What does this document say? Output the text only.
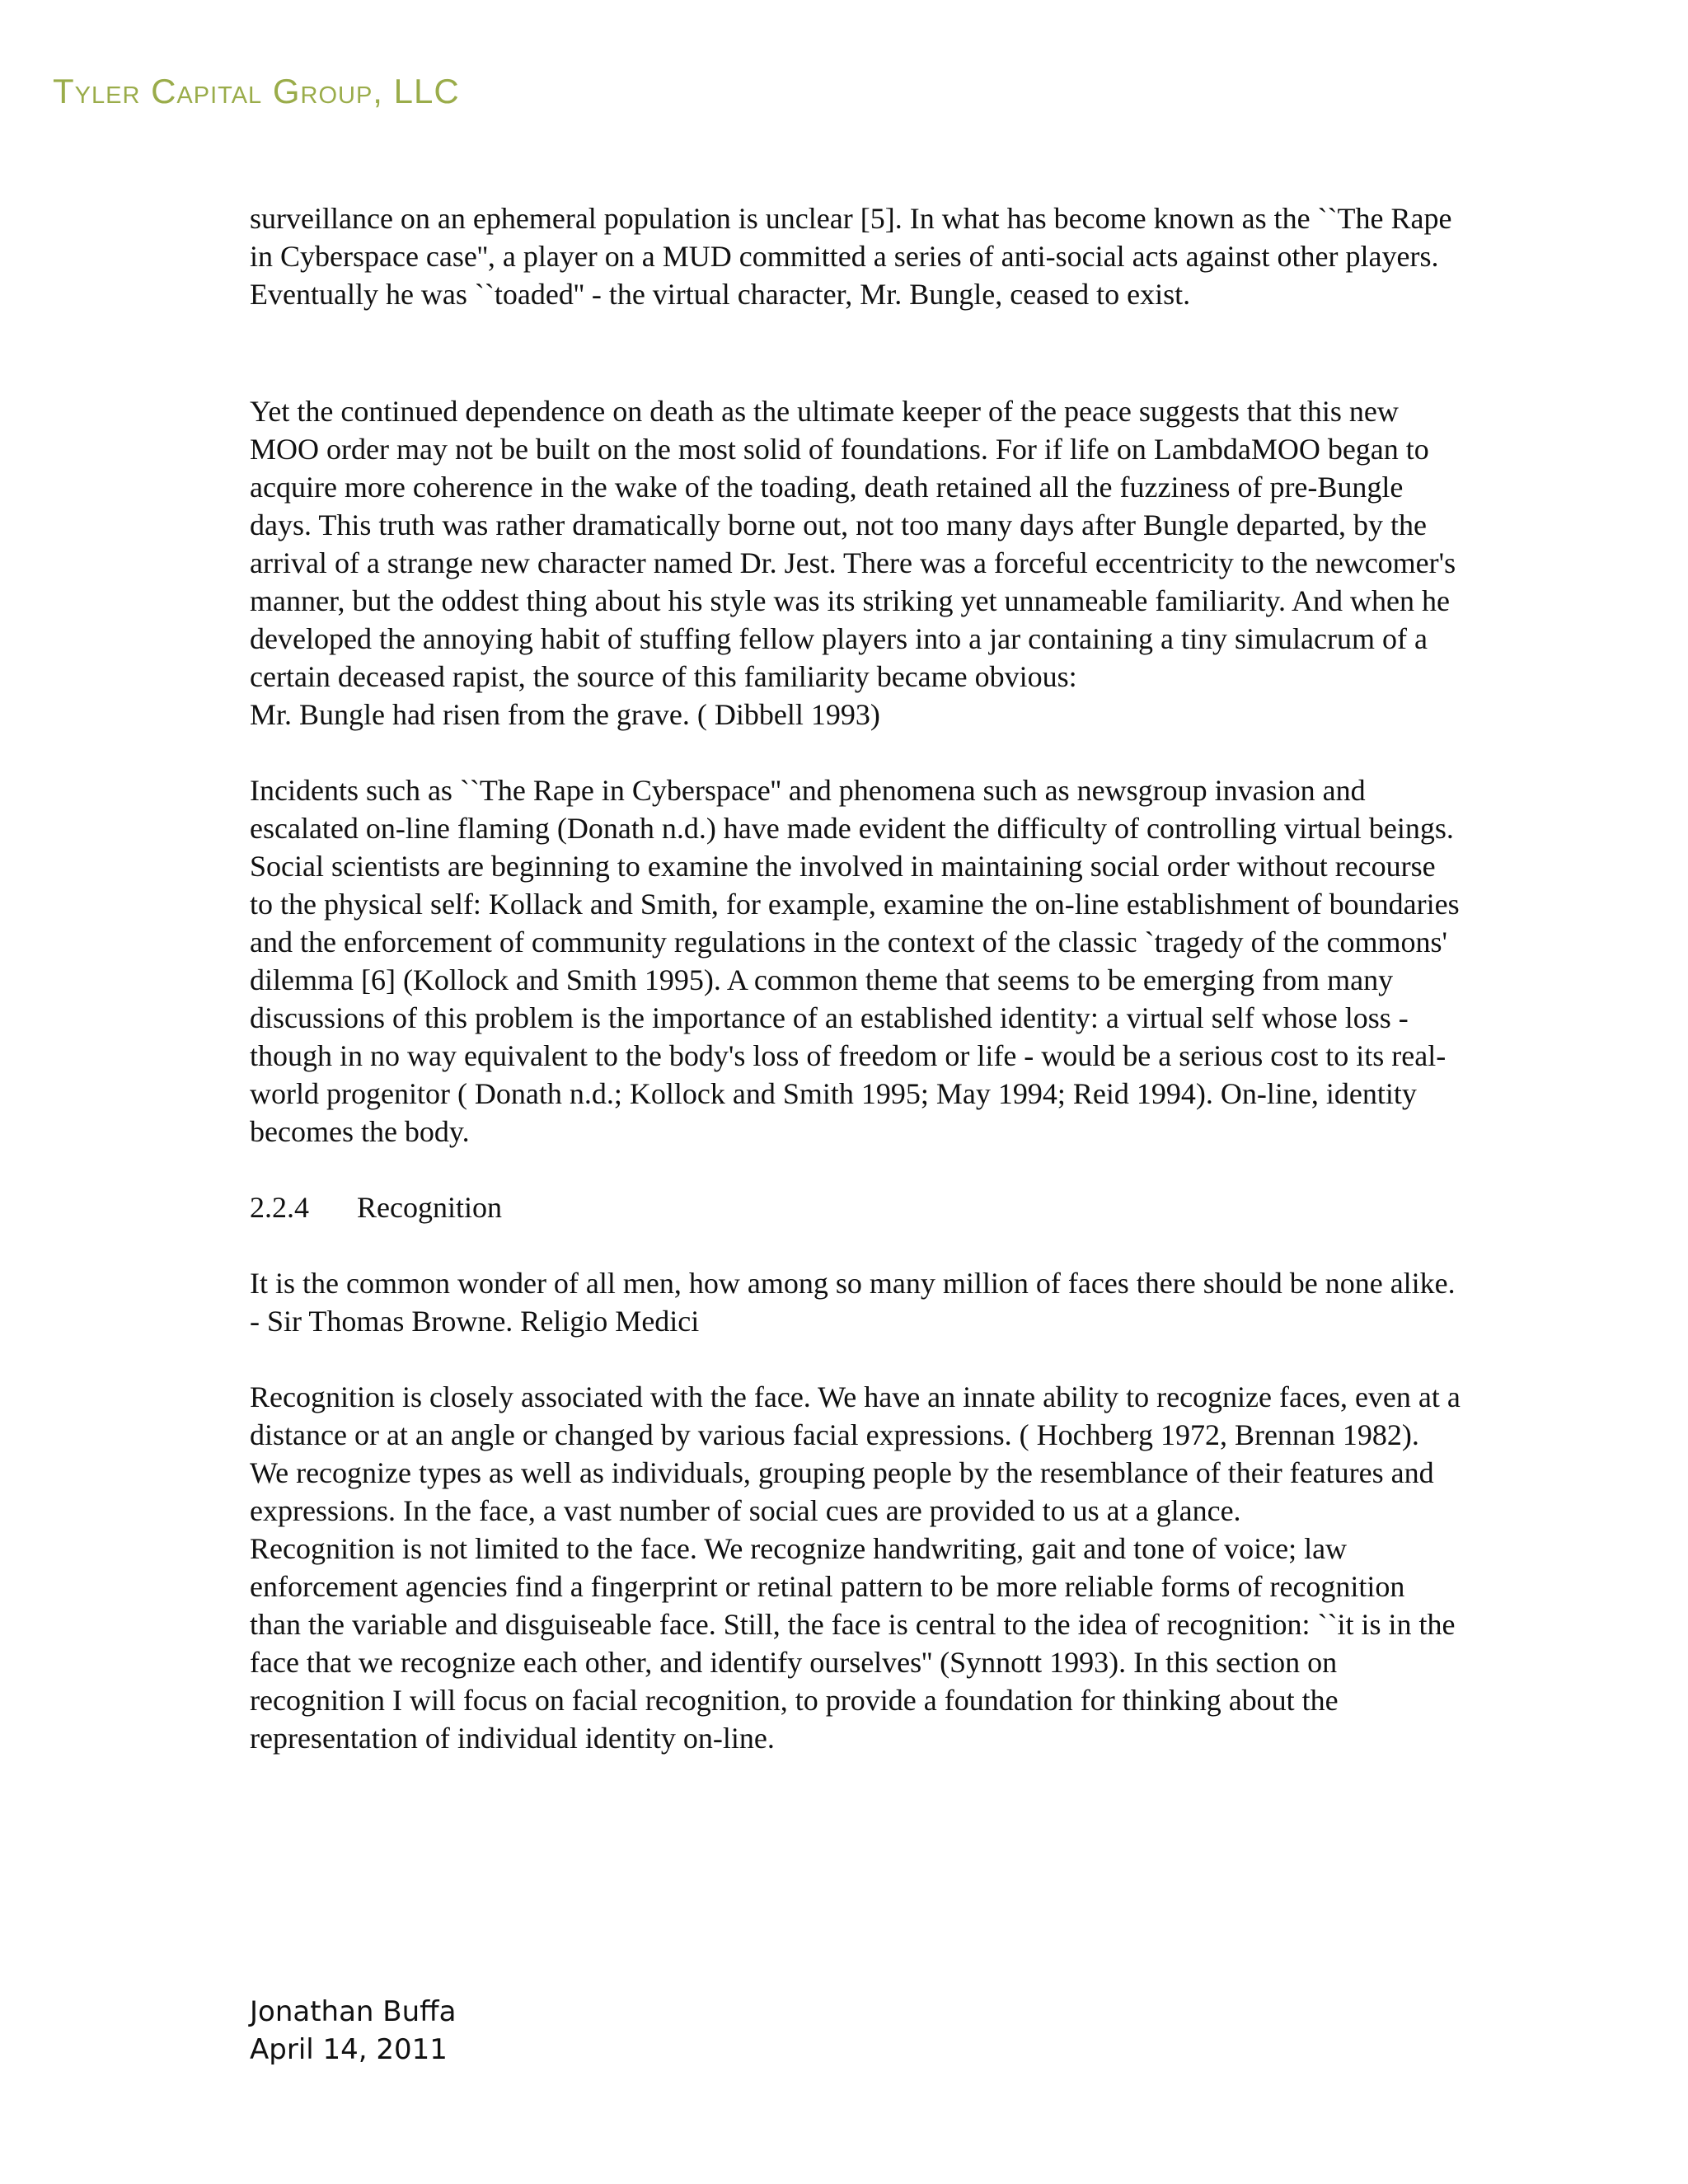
Tyler Capital Group, LLC

surveillance on an ephemeral population is unclear [5]. In what has become known as the ``The Rape in Cyberspace case'', a player on a MUD committed a series of anti-social acts against other players. Eventually he was ``toaded'' - the virtual character, Mr. Bungle, ceased to exist.

Yet the continued dependence on death as the ultimate keeper of the peace suggests that this new MOO order may not be built on the most solid of foundations. For if life on LambdaMOO began to acquire more coherence in the wake of the toading, death retained all the fuzziness of pre-Bungle days. This truth was rather dramatically borne out, not too many days after Bungle departed, by the arrival of a strange new character named Dr. Jest. There was a forceful eccentricity to the newcomer's manner, but the oddest thing about his style was its striking yet unnameable familiarity. And when he developed the annoying habit of stuffing fellow players into a jar containing a tiny simulacrum of a certain deceased rapist, the source of this familiarity became obvious:

Mr. Bungle had risen from the grave. ( Dibbell 1993)

Incidents such as ``The Rape in Cyberspace'' and phenomena such as newsgroup invasion and escalated on-line flaming (Donath n.d.) have made evident the difficulty of controlling virtual beings. Social scientists are beginning to examine the involved in maintaining social order without recourse to the physical self: Kollack and Smith, for example, examine the on-line establishment of boundaries and the enforcement of community regulations in the context of the classic `tragedy of the commons' dilemma [6] (Kollock and Smith 1995). A common theme that seems to be emerging from many discussions of this problem is the importance of an established identity: a virtual self whose loss - though in no way equivalent to the body's loss of freedom or life - would be a serious cost to its real-world progenitor ( Donath n.d.; Kollock and Smith 1995; May 1994; Reid 1994). On-line, identity becomes the body.

2.2.4 Recognition

It is the common wonder of all men, how among so many million of faces there should be none alike.

- Sir Thomas Browne. Religio Medici

Recognition is closely associated with the face. We have an innate ability to recognize faces, even at a distance or at an angle or changed by various facial expressions. ( Hochberg 1972, Brennan 1982). We recognize types as well as individuals, grouping people by the resemblance of their features and expressions. In the face, a vast number of social cues are provided to us at a glance.

Recognition is not limited to the face. We recognize handwriting, gait and tone of voice; law enforcement agencies find a fingerprint or retinal pattern to be more reliable forms of recognition than the variable and disguiseable face. Still, the face is central to the idea of recognition: ``it is in the face that we recognize each other, and identify ourselves'' (Synnott 1993). In this section on recognition I will focus on facial recognition, to provide a foundation for thinking about the representation of individual identity on-line.

Jonathan Buffa
April 14, 2011
